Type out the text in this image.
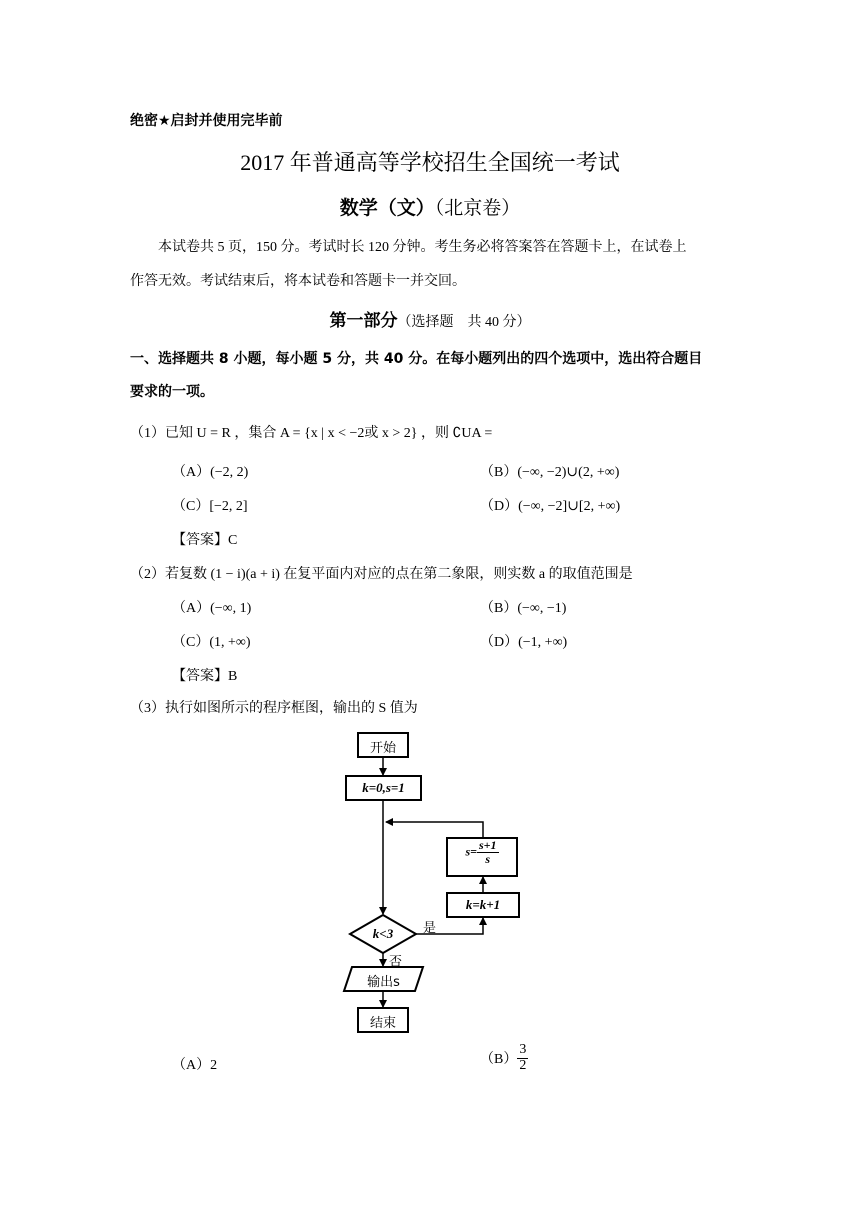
绝密★启封并使用完毕前
2017 年普通高等学校招生全国统一考试
数学（文）（北京卷）
本试卷共 5 页，150 分。考试时长 120 分钟。考生务必将答案答在答题卡上，在试卷上
作答无效。考试结束后，将本试卷和答题卡一并交回。
第一部分（选择题　共 40 分）
一、选择题共 8 小题，每小题 5 分，共 40 分。在每小题列出的四个选项中，选出符合题目
要求的一项。
（1）已知 U = R ，集合 A = {x | x < −2或 x > 2} ，则 ∁UA =
（A）(−2, 2)	（B）(−∞, −2)∪(2, +∞)
（C）[−2, 2]	（D）(−∞, −2]∪[2, +∞)
【答案】C
（2）若复数 (1 − i)(a + i) 在复平面内对应的点在第二象限，则实数 a 的取值范围是
（A）(−∞, 1)	（B）(−∞, −1)
（C）(1, +∞)	（D）(−1, +∞)
【答案】B
（3）执行如图所示的程序框图，输出的 S 值为
开始
k=0,s=1
$s= \frac{s+1}{s}$
k=k+1
k<3	是
否
输出s
结束
（A）2	$(B) \frac{3}{2}$
